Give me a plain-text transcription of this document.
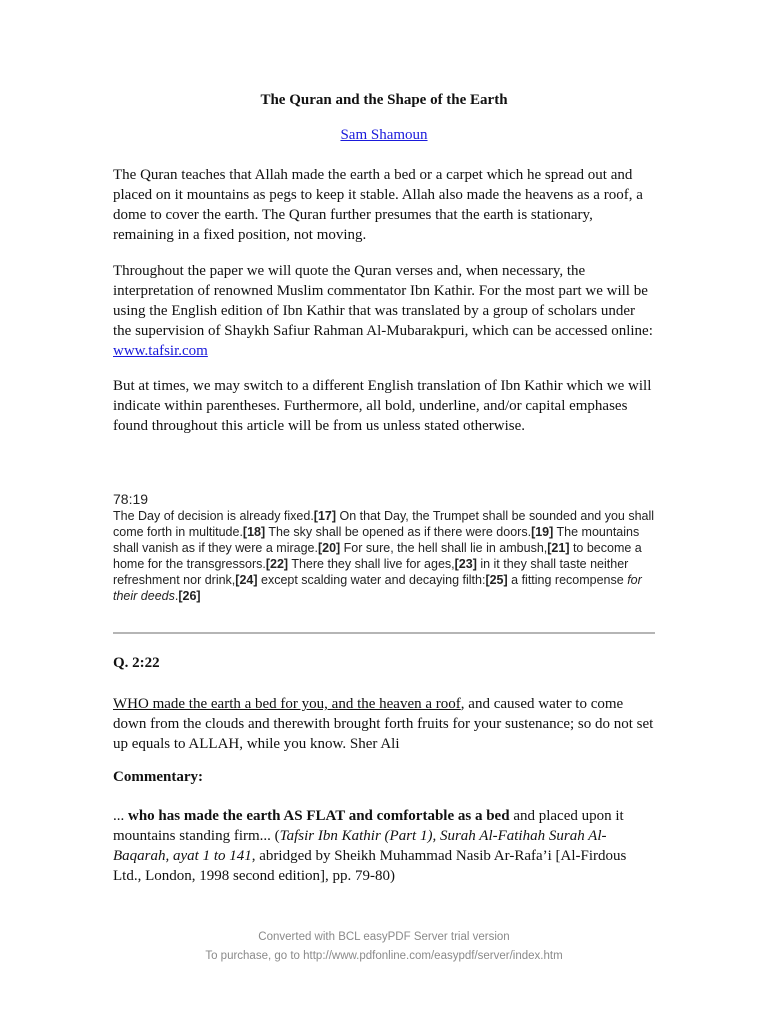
The Quran and the Shape of the Earth
Sam Shamoun

The Quran teaches that Allah made the earth a bed or a carpet which he spread out and placed on it mountains as pegs to keep it stable. Allah also made the heavens as a roof, a dome to cover the earth. The Quran further presumes that the earth is stationary, remaining in a fixed position, not moving.

Throughout the paper we will quote the Quran verses and, when necessary, the interpretation of renowned Muslim commentator Ibn Kathir. For the most part we will be using the English edition of Ibn Kathir that was translated by a group of scholars under the supervision of Shaykh Safiur Rahman Al-Mubarakpuri, which can be accessed online: www.tafsir.com

But at times, we may switch to a different English translation of Ibn Kathir which we will indicate within parentheses. Furthermore, all bold, underline, and/or capital emphases found throughout this article will be from us unless stated otherwise.

78:19

The Day of decision is already fixed.[17] On that Day, the Trumpet shall be sounded and you shall come forth in multitude.[18] The sky shall be opened as if there were doors.[19] The mountains shall vanish as if they were a mirage.[20] For sure, the hell shall lie in ambush,[21] to become a home for the transgressors.[22] There they shall live for ages,[23] in it they shall taste neither refreshment nor drink,[24] except scalding water and decaying filth:[25] a fitting recompense for their deeds.[26]

Q. 2:22

WHO made the earth a bed for you, and the heaven a roof, and caused water to come down from the clouds and therewith brought forth fruits for your sustenance; so do not set up equals to ALLAH, while you know. Sher Ali

Commentary:

... who has made the earth AS FLAT and comfortable as a bed and placed upon it mountains standing firm... (Tafsir Ibn Kathir (Part 1), Surah Al-Fatihah Surah Al-Baqarah, ayat 1 to 141, abridged by Sheikh Muhammad Nasib Ar-Rafa’i [Al-Firdous Ltd., London, 1998 second edition], pp. 79-80)

Converted with BCL easyPDF Server trial version
To purchase, go to http://www.pdfonline.com/easypdf/server/index.htm
